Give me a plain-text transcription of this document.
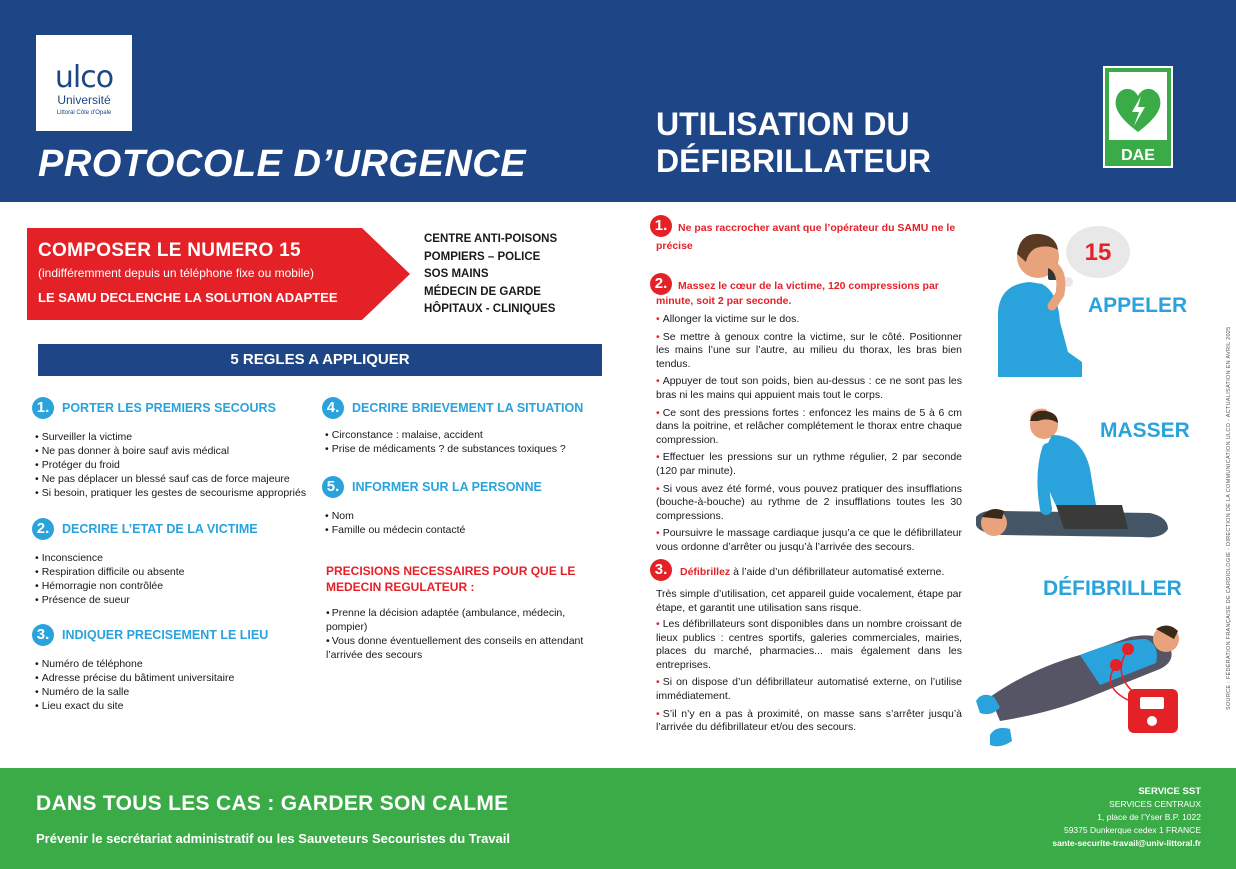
ulco
Université
Littoral Côte d'Opale
PROTOCOLE D’URGENCE
UTILISATION DU
DÉFIBRILLATEUR	DAE
COMPOSER LE NUMERO 15
(indifféremment depuis un téléphone fixe ou mobile)
LE SAMU DECLENCHE LA SOLUTION ADAPTEE
CENTRE ANTI-POISONS
POMPIERS – POLICE
SOS MAINS
MÉDECIN DE GARDE
HÔPITAUX - CLINIQUES
5 REGLES A APPLIQUER
1.	PORTER LES PREMIERS SECOURS
• Surveiller la victime
• Ne pas donner à boire sauf avis médical
• Protéger du froid
• Ne pas déplacer un blessé sauf cas de force majeure
• Si besoin, pratiquer les gestes de secourisme appropriés
2.	DECRIRE L’ETAT DE LA VICTIME
• Inconscience
• Respiration difficile ou absente
• Hémorragie non contrôlée
• Présence de sueur
3.	INDIQUER PRECISEMENT LE LIEU
• Numéro de téléphone
• Adresse précise du bâtiment universitaire
• Numéro de la salle
• Lieu exact du site
4.	DECRIRE BRIEVEMENT LA SITUATION
• Circonstance : malaise, accident
• Prise de médicaments ? de substances toxiques ?
5.	INFORMER SUR LA PERSONNE
• Nom
• Famille ou médecin contacté
PRECISIONS NECESSAIRES POUR QUE LE MEDECIN REGULATEUR :
• Prenne la décision adaptée (ambulance, médecin, pompier)
• Vous donne éventuellement des conseils en attendant l’arrivée des secours
1.	Ne pas raccrocher avant que l’opérateur du SAMU ne le précise
2.	Massez le cœur de la victime, 120 compressions par minute, soit 2 par seconde.
• Allonger la victime sur le dos.
• Se mettre à genoux contre la victime, sur le côté. Positionner les mains l’une sur l’autre, au milieu du thorax, les bras bien tendus.
• Appuyer de tout son poids, bien au-dessus : ce ne sont pas les bras ni les mains qui appuient mais tout le corps.
• Ce sont des pressions fortes : enfoncez les mains de 5 à 6 cm dans la poitrine, et relâcher complétement le thorax entre chaque compression.
• Effectuer les pressions sur un rythme régulier, 2 par seconde (120 par minute).
• Si vous avez été formé, vous pouvez pratiquer des insufflations (bouche-à-bouche) au rythme de 2 insufflations toutes les 30 compressions.
• Poursuivre le massage cardiaque jusqu’a ce que le défibrillateur vous ordonne d’arrêter ou jusqu’à l’arrivée des secours.
3.	Défibrillez à l’aide d’un défibrillateur automatisé externe.
Très simple d’utilisation, cet appareil guide vocalement, étape par étape, et garantit une utilisation sans risque.
• Les défibrillateurs sont disponibles dans un nombre croissant de lieux publics : centres sportifs, galeries commerciales, mairies, places du marché, pharmacies... mais également dans les entreprises.
• Si on dispose d’un défibrillateur automatisé externe, on l’utilise immédiatement.
• S’il n’y en a pas à proximité, on masse sans s’arrêter jusqu’à l’arrivée du défibrillateur et/ou des secours.
15
APPELER
MASSER
DÉFIBRILLER	SOURCE : FÉDÉRATION FRANÇAISE DE CARDIOLOGIE - DIRECTION DE LA COMMUNICATION ULCO - ACTUALISATION EN AVRIL 2025
DANS TOUS LES CAS : GARDER SON CALME
Prévenir le secrétariat administratif ou les Sauveteurs Secouristes du Travail
SERVICE SST
SERVICES CENTRAUX
1, place de l’Yser B.P. 1022
59375 Dunkerque cedex 1 FRANCE
sante-securite-travail@univ-littoral.fr
